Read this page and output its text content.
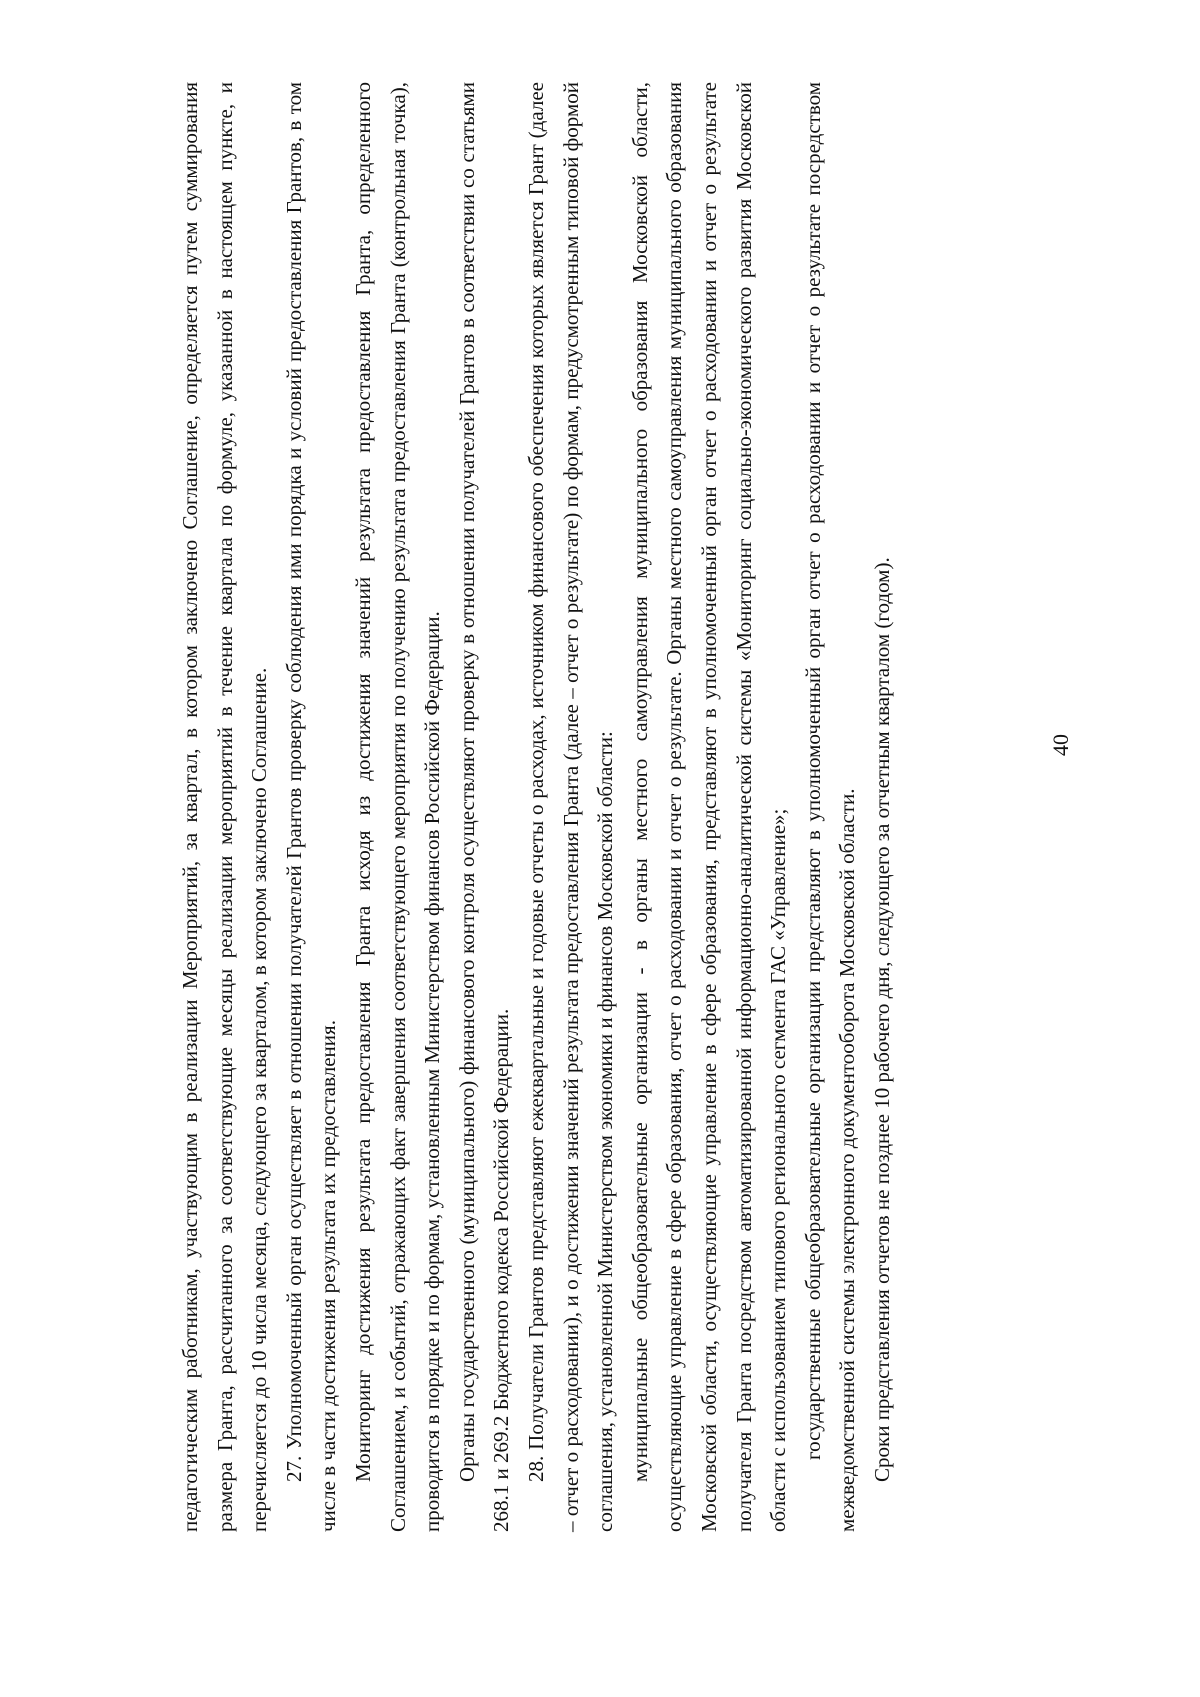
40

педагогическим работникам, участвующим в реализации Мероприятий, за квартал, в котором заключено Соглашение, определяется путем суммирования размера Гранта, рассчитанного за соответствующие месяцы реализации мероприятий в течение квартала по формуле, указанной в настоящем пункте, и перечисляется до 10 числа месяца, следующего за кварталом, в котором заключено Соглашение. 27. Уполномоченный орган осуществляет в отношении получателей Грантов проверку соблюдения ими порядка и условий предоставления Грантов, в том числе в части достижения результата их предоставления. Мониторинг достижения результата предоставления Гранта исходя из достижения значений результата предоставления Гранта, определенного Соглашением, и событий, отражающих факт завершения соответствующего мероприятия по получению результата предоставления Гранта (контрольная точка), проводится в порядке и по формам, установленным Министерством финансов Российской Федерации. Органы государственного (муниципального) финансового контроля осуществляют проверку в отношении получателей Грантов в соответствии со статьями 268.1 и 269.2 Бюджетного кодекса Российской Федерации. 28. Получатели Грантов представляют ежеквартальные и годовые отчеты о расходах, источником финансового обеспечения которых является Грант (далее – отчет о расходовании), и о достижении значений результата предоставления Гранта (далее – отчет о результате) по формам, предусмотренным типовой формой соглашения, установленной Министерством экономики и финансов Московской области: муниципальные общеобразовательные организации - в органы местного самоуправления муниципального образования Московской области, осуществляющие управление в сфере образования, отчет о расходовании и отчет о результате. Органы местного самоуправления муниципального образования Московской области, осуществляющие управление в сфере образования, представляют в уполномоченный орган отчет о расходовании и отчет о результате получателя Гранта посредством автоматизированной информационно-аналитической системы «Мониторинг социально-экономического развития Московской области с использованием типового регионального сегмента ГАС «Управление»; государственные общеобразовательные организации представляют в уполномоченный орган отчет о расходовании и отчет о результате посредством межведомственной системы электронного документооборота Московской области. Сроки представления отчетов не позднее 10 рабочего дня, следующего за отчетным кварталом (годом).
